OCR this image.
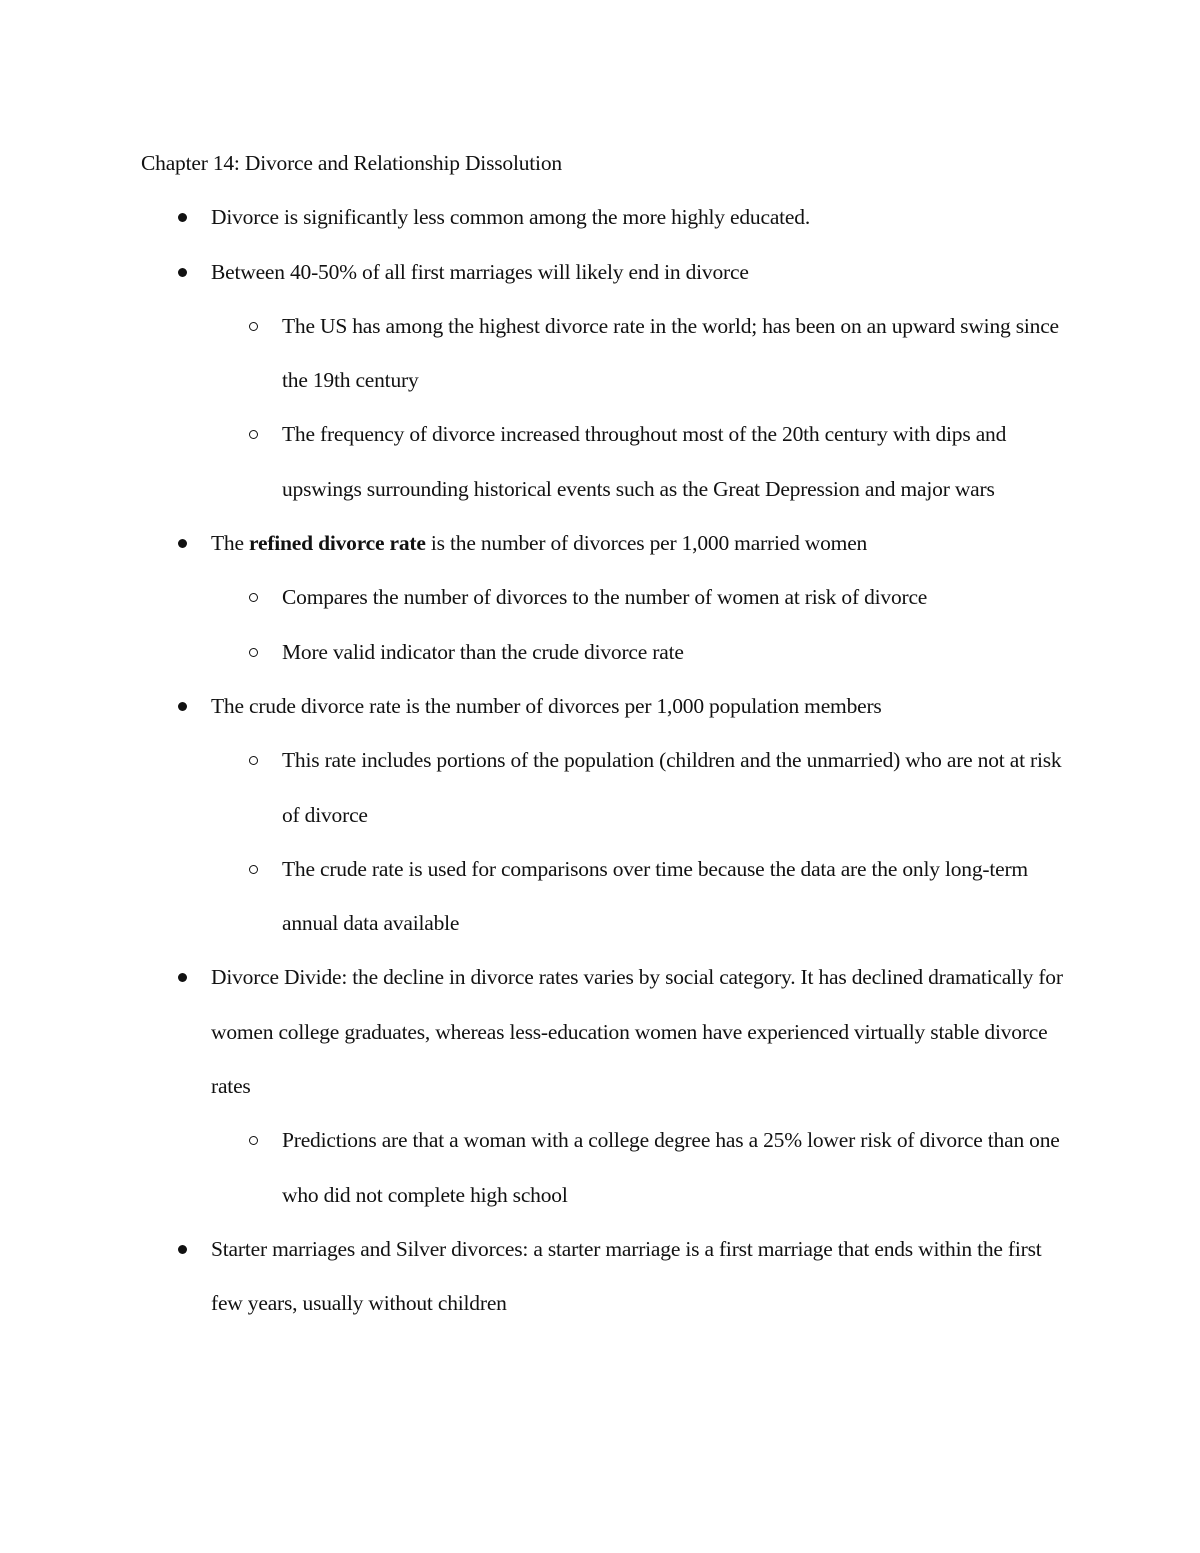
Chapter 14: Divorce and Relationship Dissolution
Divorce is significantly less common among the more highly educated.
Between 40-50% of all first marriages will likely end in divorce
The US has among the highest divorce rate in the world; has been on an upward swing since the 19th century
The frequency of divorce increased throughout most of the 20th century with dips and upswings surrounding historical events such as the Great Depression and major wars
The refined divorce rate is the number of divorces per 1,000 married women
Compares the number of divorces to the number of women at risk of divorce
More valid indicator than the crude divorce rate
The crude divorce rate is the number of divorces per 1,000 population members
This rate includes portions of the population (children and the unmarried) who are not at risk of divorce
The crude rate is used for comparisons over time because the data are the only long-term annual data available
Divorce Divide: the decline in divorce rates varies by social category. It has declined dramatically for women college graduates, whereas less-education women have experienced virtually stable divorce rates
Predictions are that a woman with a college degree has a 25% lower risk of divorce than one who did not complete high school
Starter marriages and Silver divorces: a starter marriage is a first marriage that ends within the first few years, usually without children
